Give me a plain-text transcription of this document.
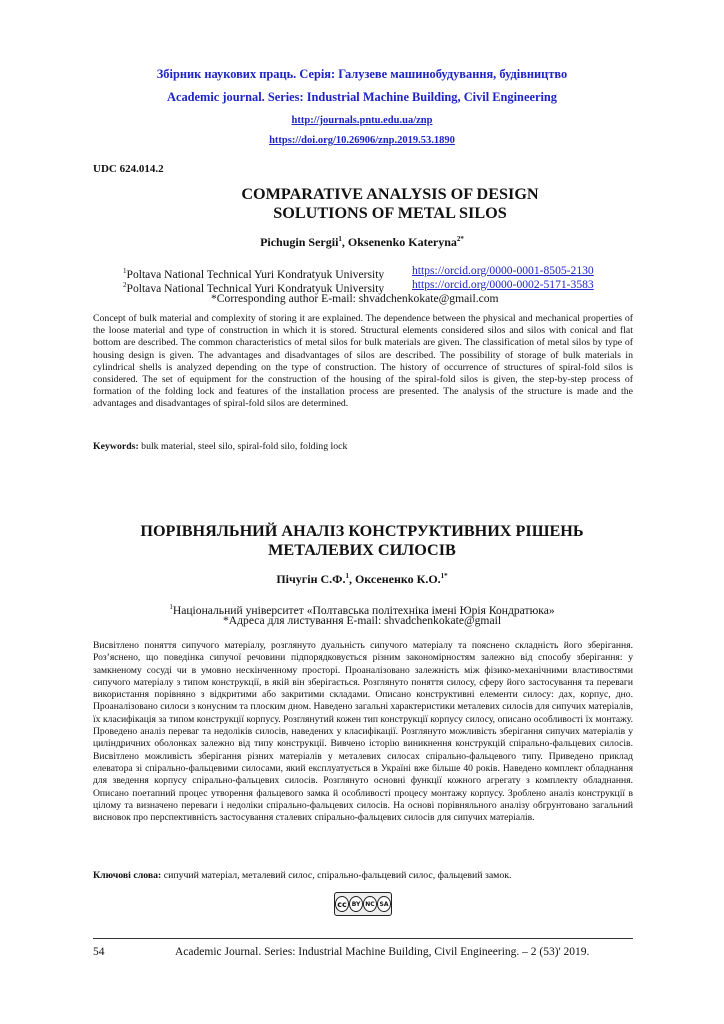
Збірник наукових праць. Серія: Галузеве машинобудування, будівництво
Academic journal. Series: Industrial Machine Building, Civil Engineering
http://journals.pntu.edu.ua/znp
https://doi.org/10.26906/znp.2019.53.1890
UDC 624.014.2
COMPARATIVE ANALYSIS OF DESIGN
SOLUTIONS OF METAL SILOS
Pichugin Sergii$^1$, Oksenenko Kateryna$^{2*}$
$^1$Poltava National Technical Yuri Kondratyuk University https://orcid.org/0000-0001-8505-2130
$^2$Poltava National Technical Yuri Kondratyuk University https://orcid.org/0000-0002-5171-3583
*Corresponding author E-mail: shvadchenkokate@gmail.com
Concept of bulk material and complexity of storing it are explained. The dependence between the physical and mechanical properties of the loose material and type of construction in which it is stored. Structural elements considered silos and silos with conical and flat bottom are described. The common characteristics of metal silos for bulk materials are given. The classification of metal silos by type of housing design is given. The advantages and disadvantages of silos are described. The possibility of storage of bulk materials in cylindrical shells is analyzed depending on the type of construction. The history of occurrence of structures of spiral-fold silos is considered. The set of equipment for the construction of the housing of the spiral-fold silos is given, the step-by-step process of formation of the folding lock and features of the installation process are presented. The analysis of the structure is made and the advantages and disadvantages of spiral-fold silos are determined.
Keywords: bulk material, steel silo, spiral-fold silo, folding lock
ПОРІВНЯЛЬНИЙ АНАЛІЗ КОНСТРУКТИВНИХ РІШЕНЬ
МЕТАЛЕВИХ СИЛОСІВ
Пічугін С.Ф.$^1$, Оксененко К.О.$^{1*}$
$^1$Національний університет «Полтавська політехніка імені Юрія Кондратюка»
*Адреса для листування E-mail: shvadchenkokate@gmail
Висвітлено поняття сипучого матеріалу, розглянуто дуальність сипучого матеріалу та пояснено складність його зберігання. Роз’яснено, що поведінка сипучої речовини підпорядковується різним закономірностям залежно від способу зберігання: у замкненому сосуді чи в умовно нескінченному просторі. Проаналізовано залежність між фізико-механічними властивостями сипучого матеріалу з типом конструкції, в якій він зберігається. Розглянуто поняття силосу, сферу його застосування та переваги використання порівняно з відкритими або закритими складами. Описано конструктивні елементи силосу: дах, корпус, дно. Проаналізовано силоси з конусним та плоским дном. Наведено загальні характеристики металевих силосів для сипучих матеріалів, їх класифікація за типом конструкції корпусу. Розглянутий кожен тип конструкції корпусу силосу, описано особливості їх монтажу. Проведено аналіз переваг та недоліків силосів, наведених у класифікації. Розглянуто можливість зберігання сипучих матеріалів у циліндричних оболонках залежно від типу конструкції. Вивчено історію виникнення конструкцій спірально-фальцевих силосів. Висвітлено можливість зберігання різних матеріалів у металевих силосах спірально-фальцевого типу. Приведено приклад елеватора зі спірально-фальцевими силосами, який експлуатується в Україні вже більше 40 років. Наведено комплект обладнання для зведення корпусу спірально-фальцевих силосів. Розглянуто основні функції кожного агрегату з комплекту обладнання. Описано поетапний процес утворення фальцевого замка й особливості процесу монтажу корпусу. Зроблено аналіз конструкції в цілому та визначено переваги і недоліки спірально-фальцевих силосів. На основі порівняльного аналізу обгрунтовано загальний висновок про перспективність застосування сталевих спірально-фальцевих силосів для сипучих матеріалів.
Ключові слова: сипучий матеріал, металевий силос, спірально-фальцевий силос, фальцевий замок.
cc BY NC SA
54	Academic Journal. Series: Industrial Machine Building, Civil Engineering. – 2 (53)' 2019.
